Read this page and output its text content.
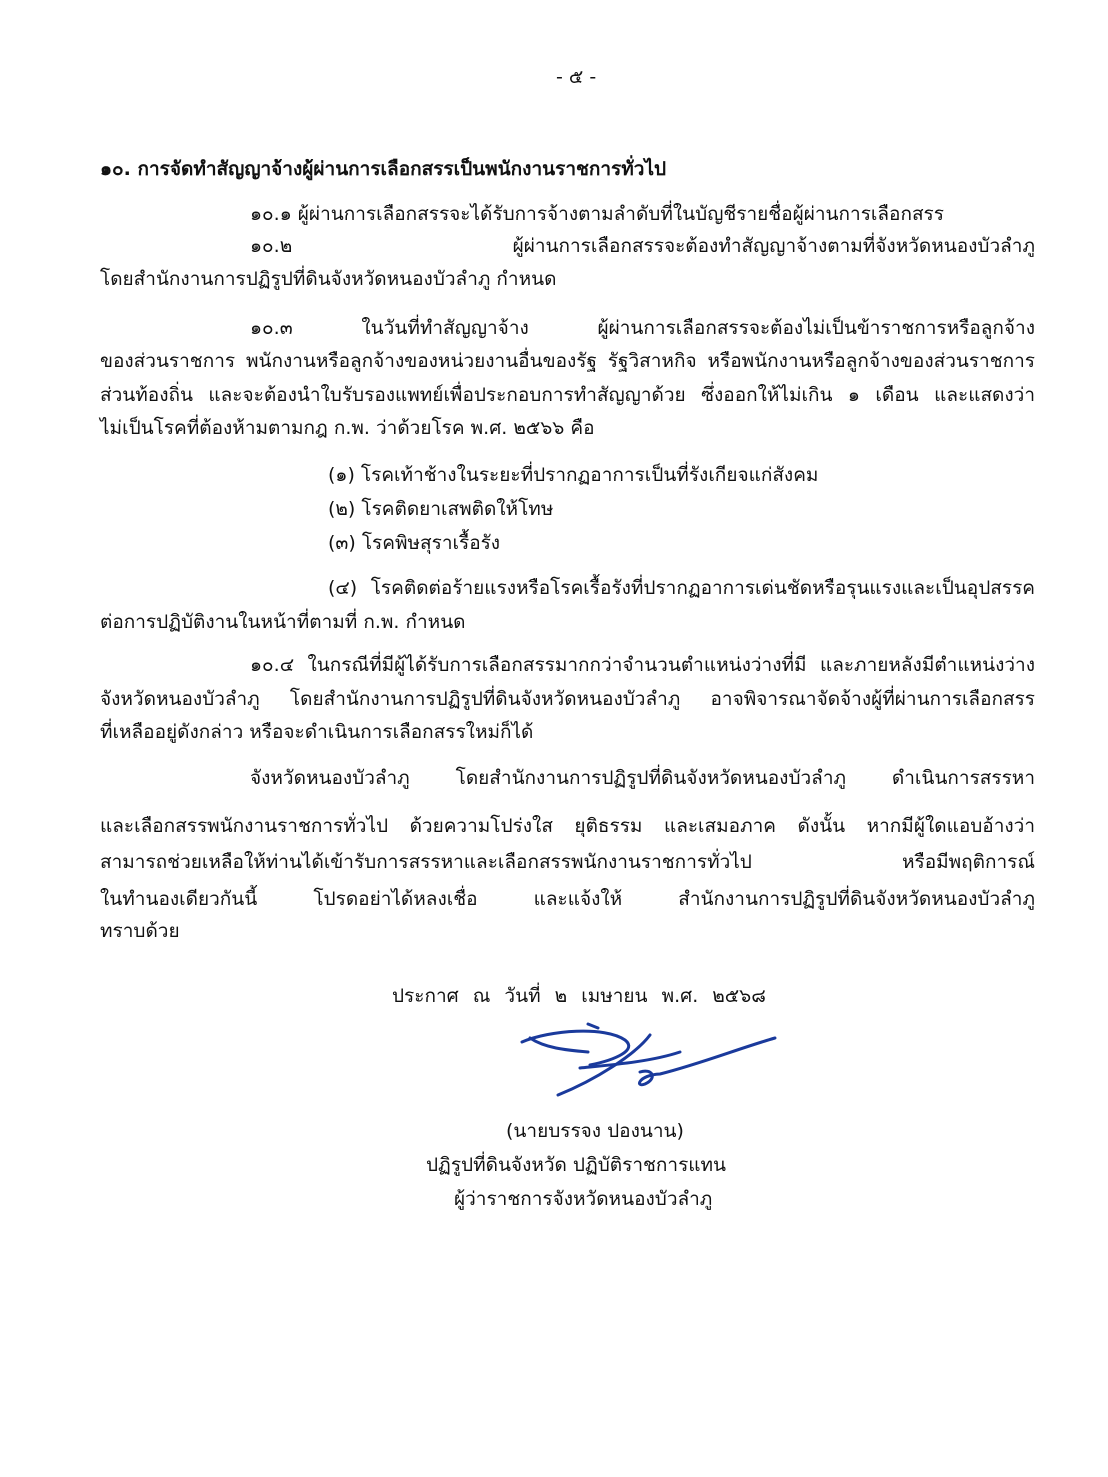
- ๕ -
๑๐. การจัดทำสัญญาจ้างผู้ผ่านการเลือกสรรเป็นพนักงานราชการทั่วไป
๑๐.๑ ผู้ผ่านการเลือกสรรจะได้รับการจ้างตามลำดับที่ในบัญชีรายชื่อผู้ผ่านการเลือกสรร
๑๐.๒ ผู้ผ่านการเลือกสรรจะต้องทำสัญญาจ้างตามที่จังหวัดหนองบัวลำภู
โดยสำนักงานการปฏิรูปที่ดินจังหวัดหนองบัวลำภู กำหนด
๑๐.๓ ในวันที่ทำสัญญาจ้าง ผู้ผ่านการเลือกสรรจะต้องไม่เป็นข้าราชการหรือลูกจ้าง
ของส่วนราชการ พนักงานหรือลูกจ้างของหน่วยงานอื่นของรัฐ รัฐวิสาหกิจ หรือพนักงานหรือลูกจ้างของส่วนราชการ
ส่วนท้องถิ่น และจะต้องนำใบรับรองแพทย์เพื่อประกอบการทำสัญญาด้วย ซึ่งออกให้ไม่เกิน ๑ เดือน และแสดงว่า
ไม่เป็นโรคที่ต้องห้ามตามกฎ ก.พ. ว่าด้วยโรค พ.ศ. ๒๕๖๖ คือ
(๑) โรคเท้าช้างในระยะที่ปรากฏอาการเป็นที่รังเกียจแก่สังคม
(๒) โรคติดยาเสพติดให้โทษ
(๓) โรคพิษสุราเรื้อรัง
(๔) โรคติดต่อร้ายแรงหรือโรคเรื้อรังที่ปรากฏอาการเด่นชัดหรือรุนแรงและเป็นอุปสรรค
ต่อการปฏิบัติงานในหน้าที่ตามที่ ก.พ. กำหนด
๑๐.๔ ในกรณีที่มีผู้ได้รับการเลือกสรรมากกว่าจำนวนตำแหน่งว่างที่มี และภายหลังมีตำแหน่งว่าง
จังหวัดหนองบัวลำภู โดยสำนักงานการปฏิรูปที่ดินจังหวัดหนองบัวลำภู อาจพิจารณาจัดจ้างผู้ที่ผ่านการเลือกสรร
ที่เหลืออยู่ดังกล่าว หรือจะดำเนินการเลือกสรรใหม่ก็ได้
จังหวัดหนองบัวลำภู โดยสำนักงานการปฏิรูปที่ดินจังหวัดหนองบัวลำภู ดำเนินการสรรหา
และเลือกสรรพนักงานราชการทั่วไป ด้วยความโปร่งใส ยุติธรรม และเสมอภาค ดังนั้น หากมีผู้ใดแอบอ้างว่า
สามารถช่วยเหลือให้ท่านได้เข้ารับการสรรหาและเลือกสรรพนักงานราชการทั่วไป หรือมีพฤติการณ์
ในทำนองเดียวกันนี้ โปรดอย่าได้หลงเชื่อ และแจ้งให้ สำนักงานการปฏิรูปที่ดินจังหวัดหนองบัวลำภู
ทราบด้วย
ประกาศ ณ วันที่ ๒ เมษายน พ.ศ. ๒๕๖๘
(นายบรรจง ปองนาน)
ปฏิรูปที่ดินจังหวัด ปฏิบัติราชการแทน
ผู้ว่าราชการจังหวัดหนองบัวลำภู
